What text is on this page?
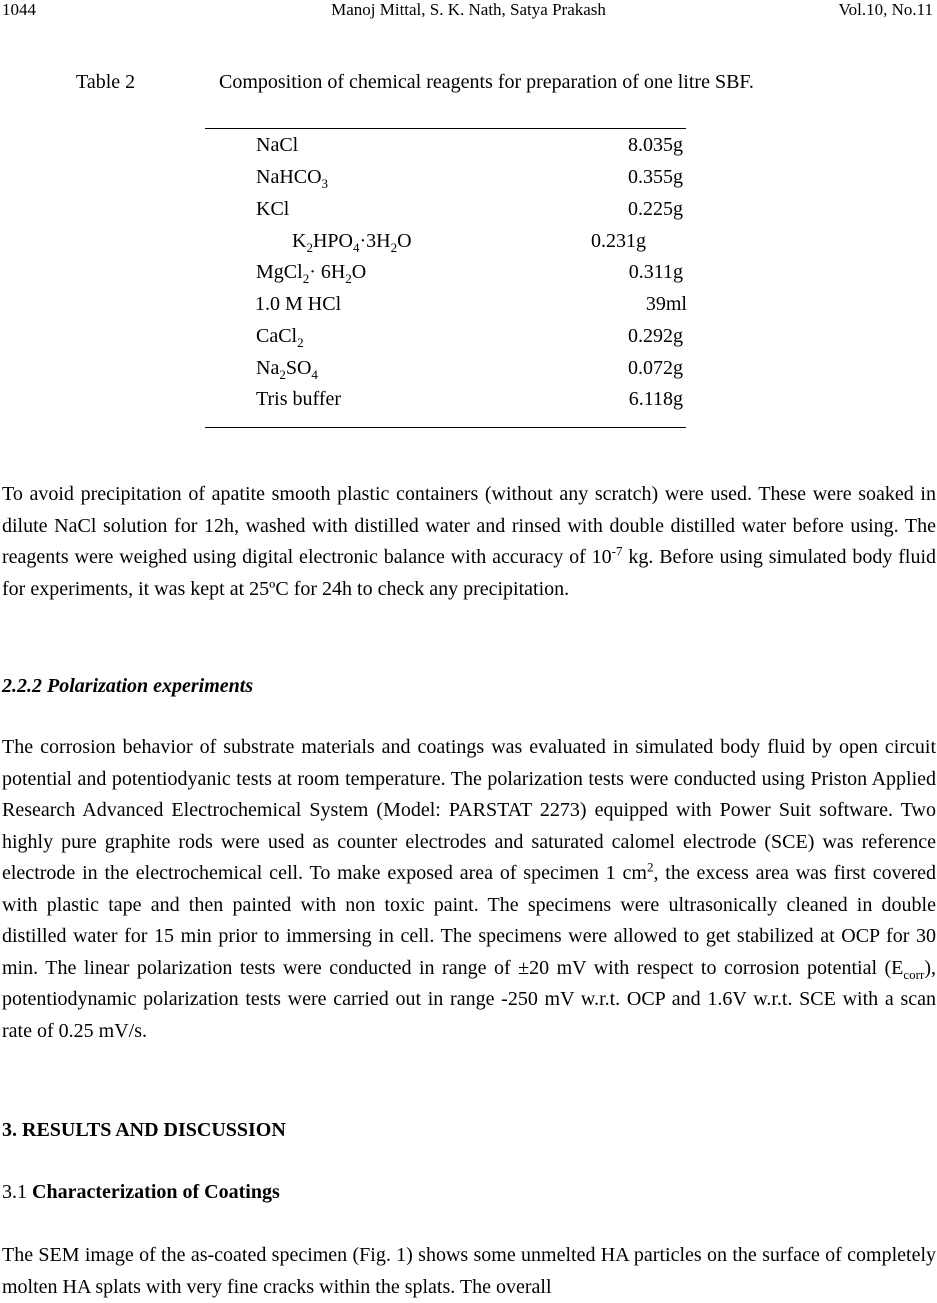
1044	Manoj Mittal, S. K. Nath, Satya Prakash	Vol.10, No.11
Table 2	Composition of chemical reagents for preparation of one litre SBF.
NaCl	8.035g
NaHCO$_3$	0.355g
KCl	0.225g
$K_2HPO_4\cdot 3H_2O$	0.231g
MgCl$_2$· $6H_2O$	0.311g
1.0 M HCl	39ml
CaCl$_2$	0.292g
$Na_2SO_4$	0.072g
Tris buffer	6.118g

To avoid precipitation of apatite smooth plastic containers (without any scratch) were used. These were soaked in dilute NaCl solution for 12h, washed with distilled water and rinsed with double distilled water before using. The reagents were weighed using digital electronic balance with accuracy of $10^{-7}$ kg. Before using simulated body fluid for experiments, it was kept at 25ºC for 24h to check any precipitation.

2.2.2 Polarization experiments

The corrosion behavior of substrate materials and coatings was evaluated in simulated body fluid by open circuit potential and potentiodyanic tests at room temperature. The polarization tests were conducted using Priston Applied Research Advanced Electrochemical System (Model: PARSTAT 2273) equipped with Power Suit software. Two highly pure graphite rods were used as counter electrodes and saturated calomel electrode (SCE) was reference electrode in the electrochemical cell. To make exposed area of specimen 1 $cm^2$, the excess area was first covered with plastic tape and then painted with non toxic paint. The specimens were ultrasonically cleaned in double distilled water for 15 min prior to immersing in cell. The specimens were allowed to get stabilized at OCP for 30 min. The linear polarization tests were conducted in range of ±20 mV with respect to corrosion potential $(E_{corr})$, potentiodynamic polarization tests were carried out in range -250 mV w.r.t. OCP and 1.6V w.r.t. SCE with a scan rate of 0.25 mV/s.

3. RESULTS AND DISCUSSION

3.1 Characterization of Coatings

The SEM image of the as-coated specimen (Fig. 1) shows some unmelted HA particles on the surface of completely molten HA splats with very fine cracks within the splats. The overall
